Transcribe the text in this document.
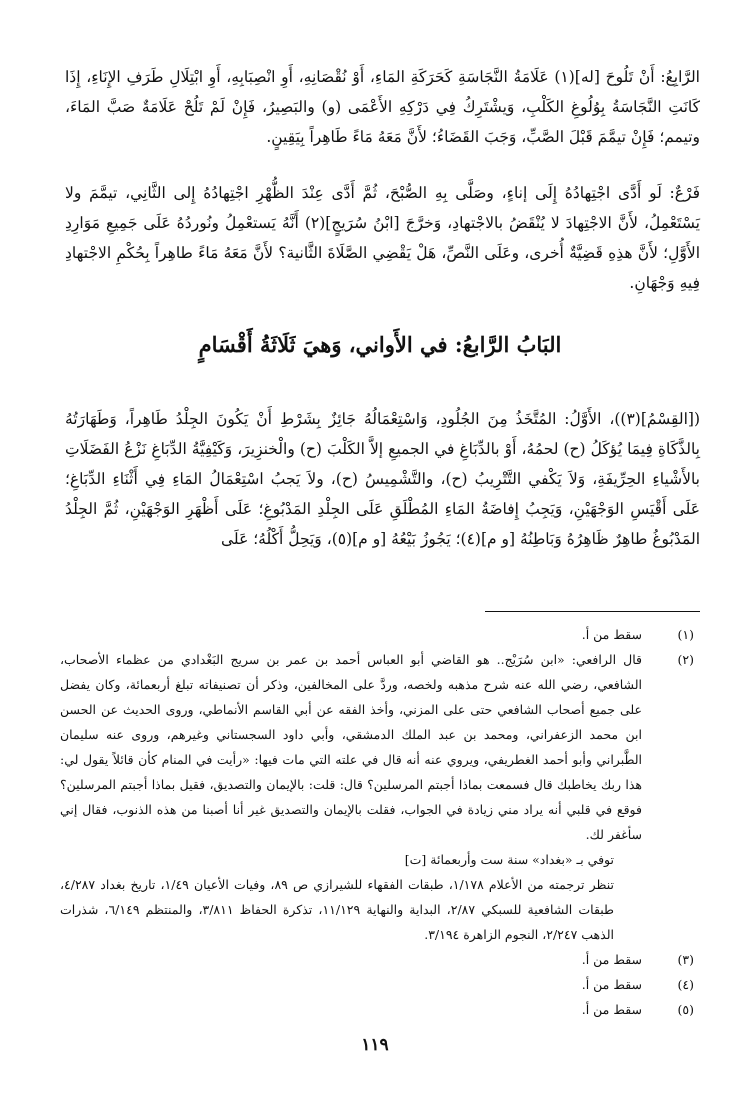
الرَّابِعُ: أَنْ تَلُوحَ [له](١) عَلَامَةُ النَّجَاسَةِ كَحَرَكَةِ المَاءِ، أَوْ نُقْصَانِهِ، أَوِ انْصِبَابِهِ، أَوِ ابْتِلَالِ طَرَفِ الإِنَاءِ، إِذَا كَانَتِ النَّجَاسَةُ بِوُلُوغِ الكَلْبِ، وَيشْتَرِكُ فِي دَرْكِهِ الأَعْمَى (و) والبَصِيرُ، فَإِنْ لَمْ تَلُحْ عَلَامَةٌ صَبَّ المَاءَ، وتيمم؛ فَإِنْ تيمَّمَ قَبْلَ الصَّبِّ، وَجَبَ القَضَاءُ؛ لأَنَّ مَعَهُ مَاءً طَاهِراً بِيَقِينٍ.

فَرْعٌ: لَو أَدَّى اجْتِهادُهُ إِلَى إناءٍ، وصَلَّى بِهِ الصُّبْحَ، ثُمَّ أَدَّى عِنْدَ الظُّهْرِ اجْتِهادُهُ إِلى الثَّانِي، تيمَّمَ ولا يَسْتَعْمِلُ، لأَنَّ الاجْتِهادَ لا يُنْقَضُ بالاجْتهادِ، وَخرَّجَ [ابْنُ سُرَيجٍ](٢) أَنَّهُ يَستعْمِلُ ونُوردُهُ عَلَى جَمِيعِ مَوَارِدِ الأَوَّلِ؛ لأَنَّ هذِهِ قَضِيَّةٌ أُخرى، وعَلَى النَّصِّ، هَلْ يَقْضِي الصَّلَاةَ الثَّانية؟ لأَنَّ مَعَهُ مَاءً طاهِراً بِحُكْمِ الاجْتهادِ فِيهِ وَجْهَانِ.

البَابُ الرَّابعُ: في الأَواني، وَهيَ ثَلَاثَةُ أَقْسَامٍ

([القِسْمُ](٣))، الأَوَّلُ: المُتَّخَذُ مِنَ الجُلُودِ، وَاسْتِعْمَالُهُ جَائِزٌ بِشَرْطِ أَنْ يَكُونَ الجِلْدُ طَاهِراً، وَطَهَارَتُهُ بِالذَّكَاةِ فِيمَا يُؤكَلُ (ح) لحمُهُ، أَوْ بالدِّبَاغِ في الجميعِ إلاَّ الكَلْبَ (ح) والْخنزِيرَ، وَكَيْفِيَّةُ الدِّبَاغِ نَزْعُ الفَضَلَاتِ بالأَشْياءِ الحِرِّيفَةِ، وَلاَ يَكْفي التَّتْرِيبُ (ح)، والتَّشْمِيسُ (ح)، ولاَ يَجبُ اسْتِعْمَالُ المَاءِ فِي أَثْنَاءِ الدِّبَاغِ؛ عَلَى أَقْيَسِ الوَجْهَيْنِ، وَيَجِبُ إِفاضَةُ المَاءِ المُطْلَقِ عَلَى الجِلْدِ المَدْبُوغِ؛ عَلَى أَظْهَرِ الوَجْهَيْنِ، ثُمَّ الجِلْدُ المَدْبُوغُ طاهِرٌ ظَاهِرُهُ وَبَاطِنُهُ [و م](٤)؛ يَجُوزُ بَيْعُهُ [و م](٥)، وَيَحِلُّ أَكْلُهُ؛ عَلَى

(١)
سقط من أ.
(٢)
قال الرافعي: «ابن سُرَيْج.. هو القاضي أبو العباس أحمد بن عمر بن سريج البَغْدادي من عظماء الأصحاب، الشافعي، رضي الله عنه شرح مذهبه ولخصه، وردَّ على المخالفين، وذكر أن تصنيفاته تبلغ أربعمائة، وكان يفضل على جميع أصحاب الشافعي حتى على المزني، وأخذ الفقه عن أبي القاسم الأنماطي، وروى الحديث عن الحسن ابن محمد الزعفراني، ومحمد بن عبد الملك الدمشقي، وأبي داود السجستاني وغيرهم، وروى عنه سليمان الطَّبراني وأبو أحمد الغطريفي، ويروي عنه أنه قال في علته التي مات فيها: «رأيت في المنام كأن قائلاً يقول لي: هذا ربك يخاطبك قال فسمعت بماذا أجبتم المرسلين؟ قال: قلت: بالإيمان والتصديق، فقيل بماذا أجبتم المرسلين؟ فوقع في قلبي أنه يراد مني زيادة في الجواب، فقلت بالإيمان والتصديق غير أنا أصبنا من هذه الذنوب، فقال إني سأغفر لك.
توفي بـ «بغداد» سنة ست وأربعمائة [ت]
تنظر ترجمته من الأعلام ١/١٧٨، طبقات الفقهاء للشيرازي ص ٨٩، وفيات الأعيان ١/٤٩، تاريخ بغداد ٤/٢٨٧، طبقات الشافعية للسبكي ٢/٨٧، البداية والنهاية ١١/١٢٩، تذكرة الحفاظ ٣/٨١١، والمنتظم ٦/١٤٩، شذرات الذهب ٢/٢٤٧، النجوم الزاهرة ٣/١٩٤.
(٣)
سقط من أ.
(٤)
سقط من أ.
(٥)
سقط من أ.
١١٩
